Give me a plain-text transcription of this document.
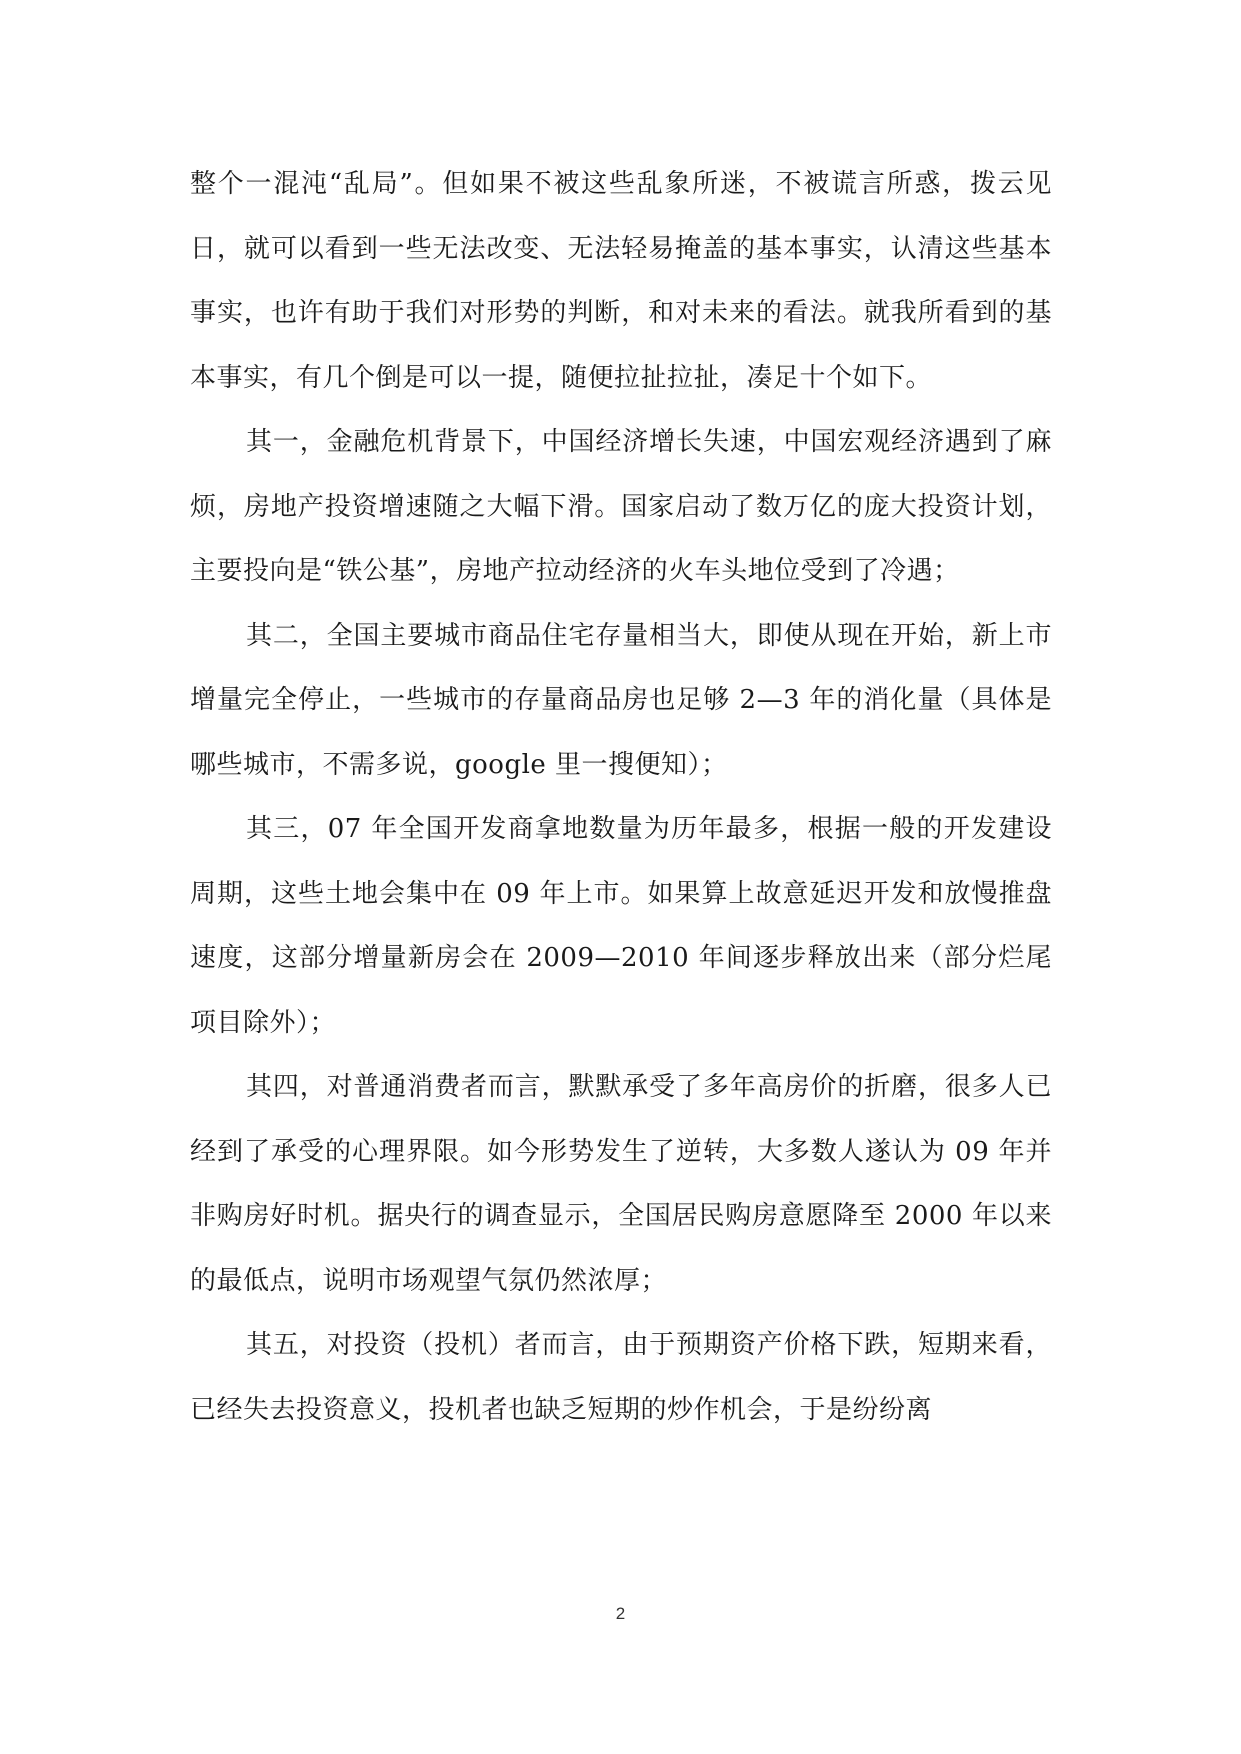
整个一混沌“乱局”。但如果不被这些乱象所迷，不被谎言所惑，拨云见日，就可以看到一些无法改变、无法轻易掩盖的基本事实，认清这些基本事实，也许有助于我们对形势的判断，和对未来的看法。就我所看到的基本事实，有几个倒是可以一提，随便拉扯拉扯，凑足十个如下。

其一，金融危机背景下，中国经济增长失速，中国宏观经济遇到了麻烦，房地产投资增速随之大幅下滑。国家启动了数万亿的庞大投资计划，主要投向是“铁公基”，房地产拉动经济的火车头地位受到了冷遇；

其二，全国主要城市商品住宅存量相当大，即使从现在开始，新上市增量完全停止，一些城市的存量商品房也足够 2—3 年的消化量（具体是哪些城市，不需多说，google 里一搜便知）；

其三，07 年全国开发商拿地数量为历年最多，根据一般的开发建设周期，这些土地会集中在 09 年上市。如果算上故意延迟开发和放慢推盘速度，这部分增量新房会在 2009—2010 年间逐步释放出来（部分烂尾项目除外）；

其四，对普通消费者而言，默默承受了多年高房价的折磨，很多人已经到了承受的心理界限。如今形势发生了逆转，大多数人遂认为 09 年并非购房好时机。据央行的调查显示，全国居民购房意愿降至 2000 年以来的最低点，说明市场观望气氛仍然浓厚；

其五，对投资（投机）者而言，由于预期资产价格下跌，短期来看，已经失去投资意义，投机者也缺乏短期的炒作机会，于是纷纷离

2
